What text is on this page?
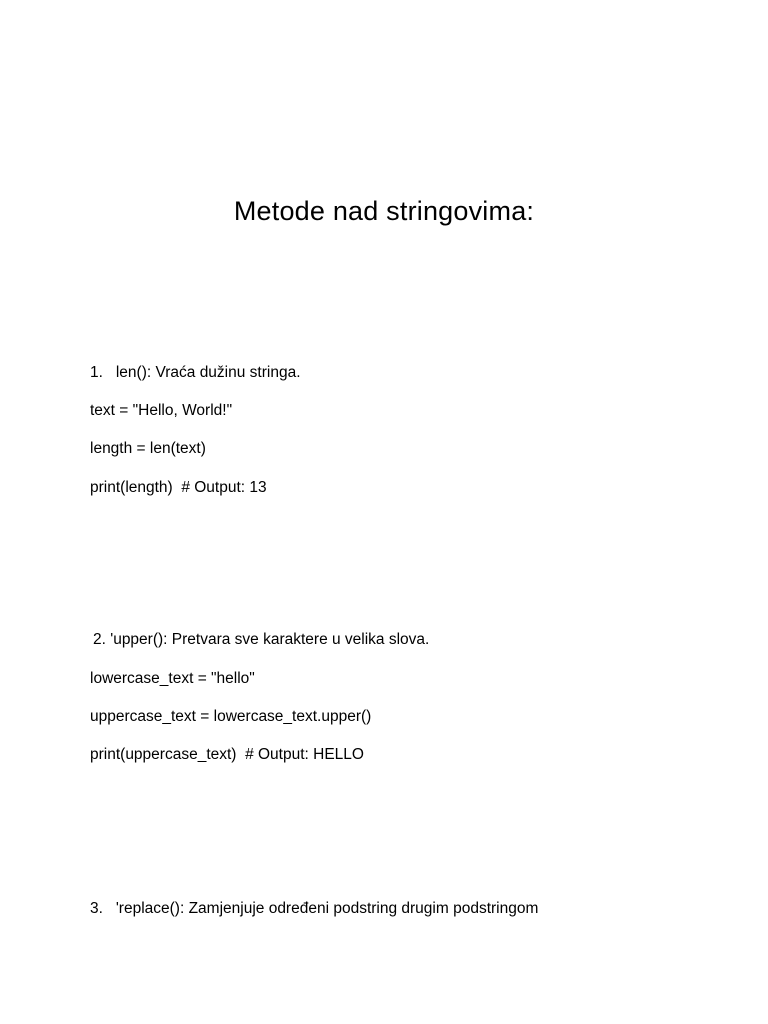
Metode nad stringovima:
1.   len(): Vraća dužinu stringa.
text = "Hello, World!"
length = len(text)
print(length)  # Output: 13
2. 'upper(): Pretvara sve karaktere u velika slova.
lowercase_text = "hello"
uppercase_text = lowercase_text.upper()
print(uppercase_text)  # Output: HELLO
3.   'replace(): Zamjenjuje određeni podstring drugim podstringom
